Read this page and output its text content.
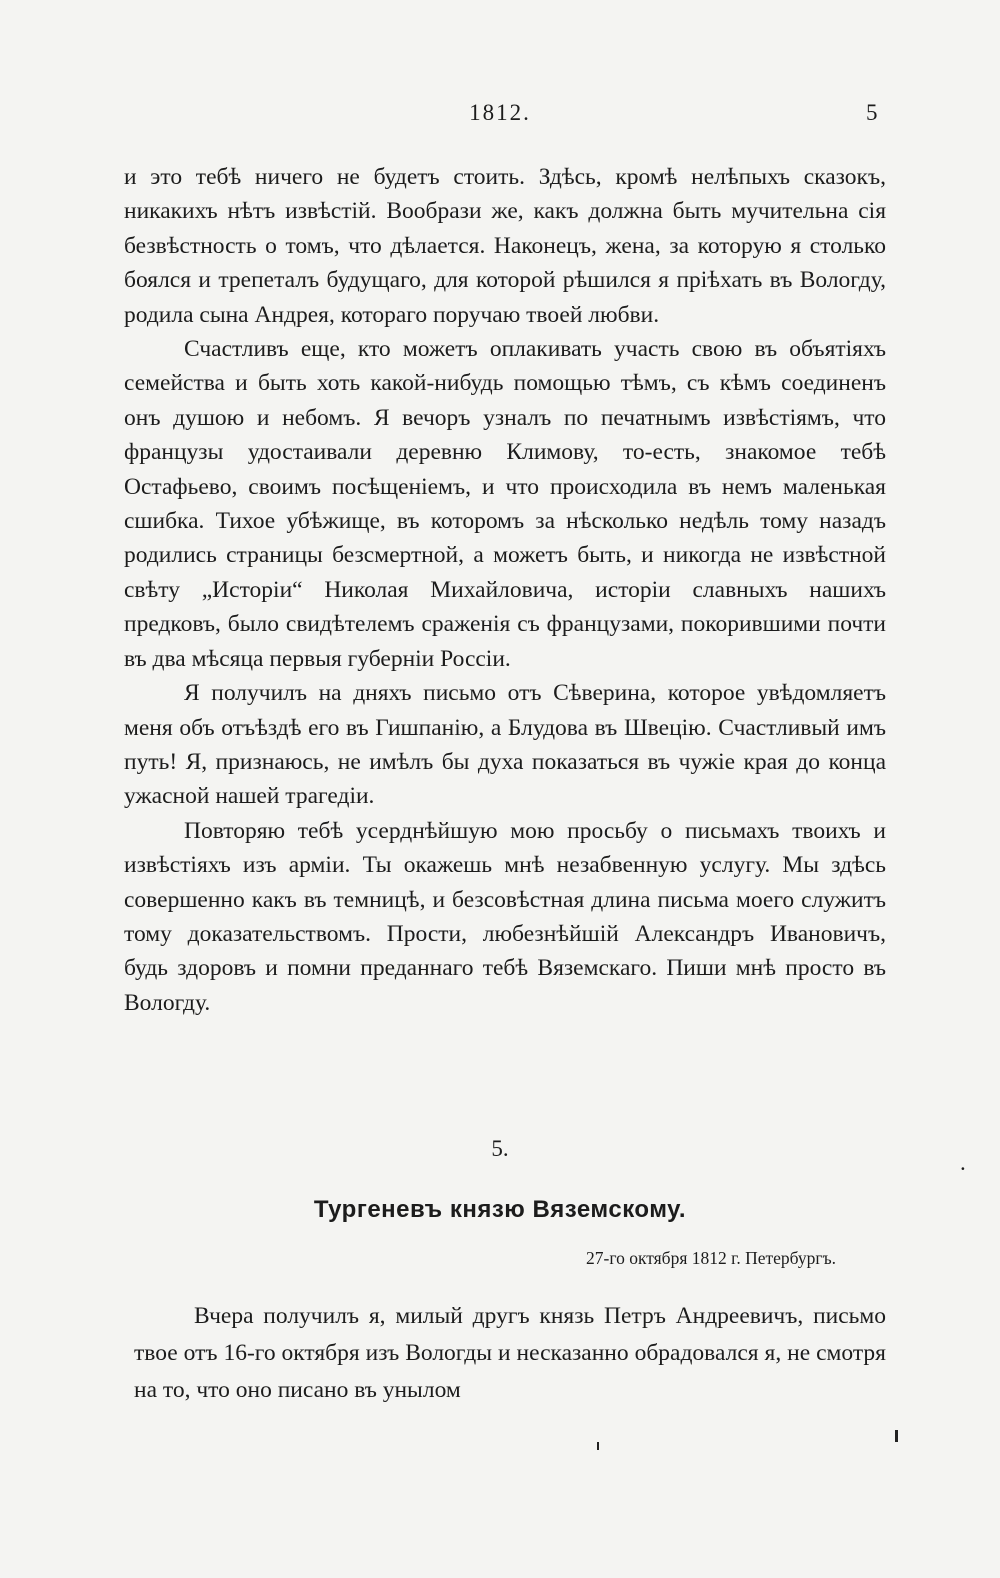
1812.	5

и это тебѣ ничего не будетъ стоить. Здѣсь, кромѣ нелѣпыхъ сказокъ, никакихъ нѣтъ извѣстій. Вообрази же, какъ должна быть мучительна сія безвѣстность о томъ, что дѣлается. Наконецъ, жена, за которую я столько боялся и трепеталъ будущаго, для которой рѣшился я пріѣхать въ Вологду, родила сына Андрея, котораго поручаю твоей любви.

Счастливъ еще, кто можетъ оплакивать участь свою въ объятіяхъ семейства и быть хоть какой-нибудь помощью тѣмъ, съ кѣмъ соединенъ онъ душою и небомъ. Я вечоръ узналъ по печатнымъ извѣстіямъ, что французы удостаивали деревню Климову, то-есть, знакомое тебѣ Остафьево, своимъ посѣщеніемъ, и что происходила въ немъ маленькая сшибка. Тихое убѣжище, въ которомъ за нѣсколько недѣль тому назадъ родились страницы безсмертной, а можетъ быть, и никогда не извѣстной свѣту „Исторіи“ Николая Михайловича, исторіи славныхъ нашихъ предковъ, было свидѣтелемъ сраженія съ французами, покорившими почти въ два мѣсяца первыя губерніи Россіи.

Я получилъ на дняхъ письмо отъ Сѣверина, которое увѣдомляетъ меня объ отъѣздѣ его въ Гишпанію, а Блудова въ Швецію. Счастливый имъ путь! Я, признаюсь, не имѣлъ бы духа показаться въ чужіе края до конца ужасной нашей трагедіи.

Повторяю тебѣ усерднѣйшую мою просьбу о письмахъ твоихъ и извѣстіяхъ изъ арміи. Ты окажешь мнѣ незабвенную услугу. Мы здѣсь совершенно какъ въ темницѣ, и безсовѣстная длина письма моего служитъ тому доказательствомъ. Прости, любезнѣйшій Александръ Ивановичъ, будь здоровъ и помни преданнаго тебѣ Вяземскаго. Пиши мнѣ просто въ Вологду.

5.
.
Тургеневъ князю Вяземскому.
27-го октября 1812 г. Петербургъ.

Вчера получилъ я, милый другъ князь Петръ Андреевичъ, письмо твое отъ 16-го октября изъ Вологды и несказанно обрадовался я, не смотря на то, что оно писано въ унылом
